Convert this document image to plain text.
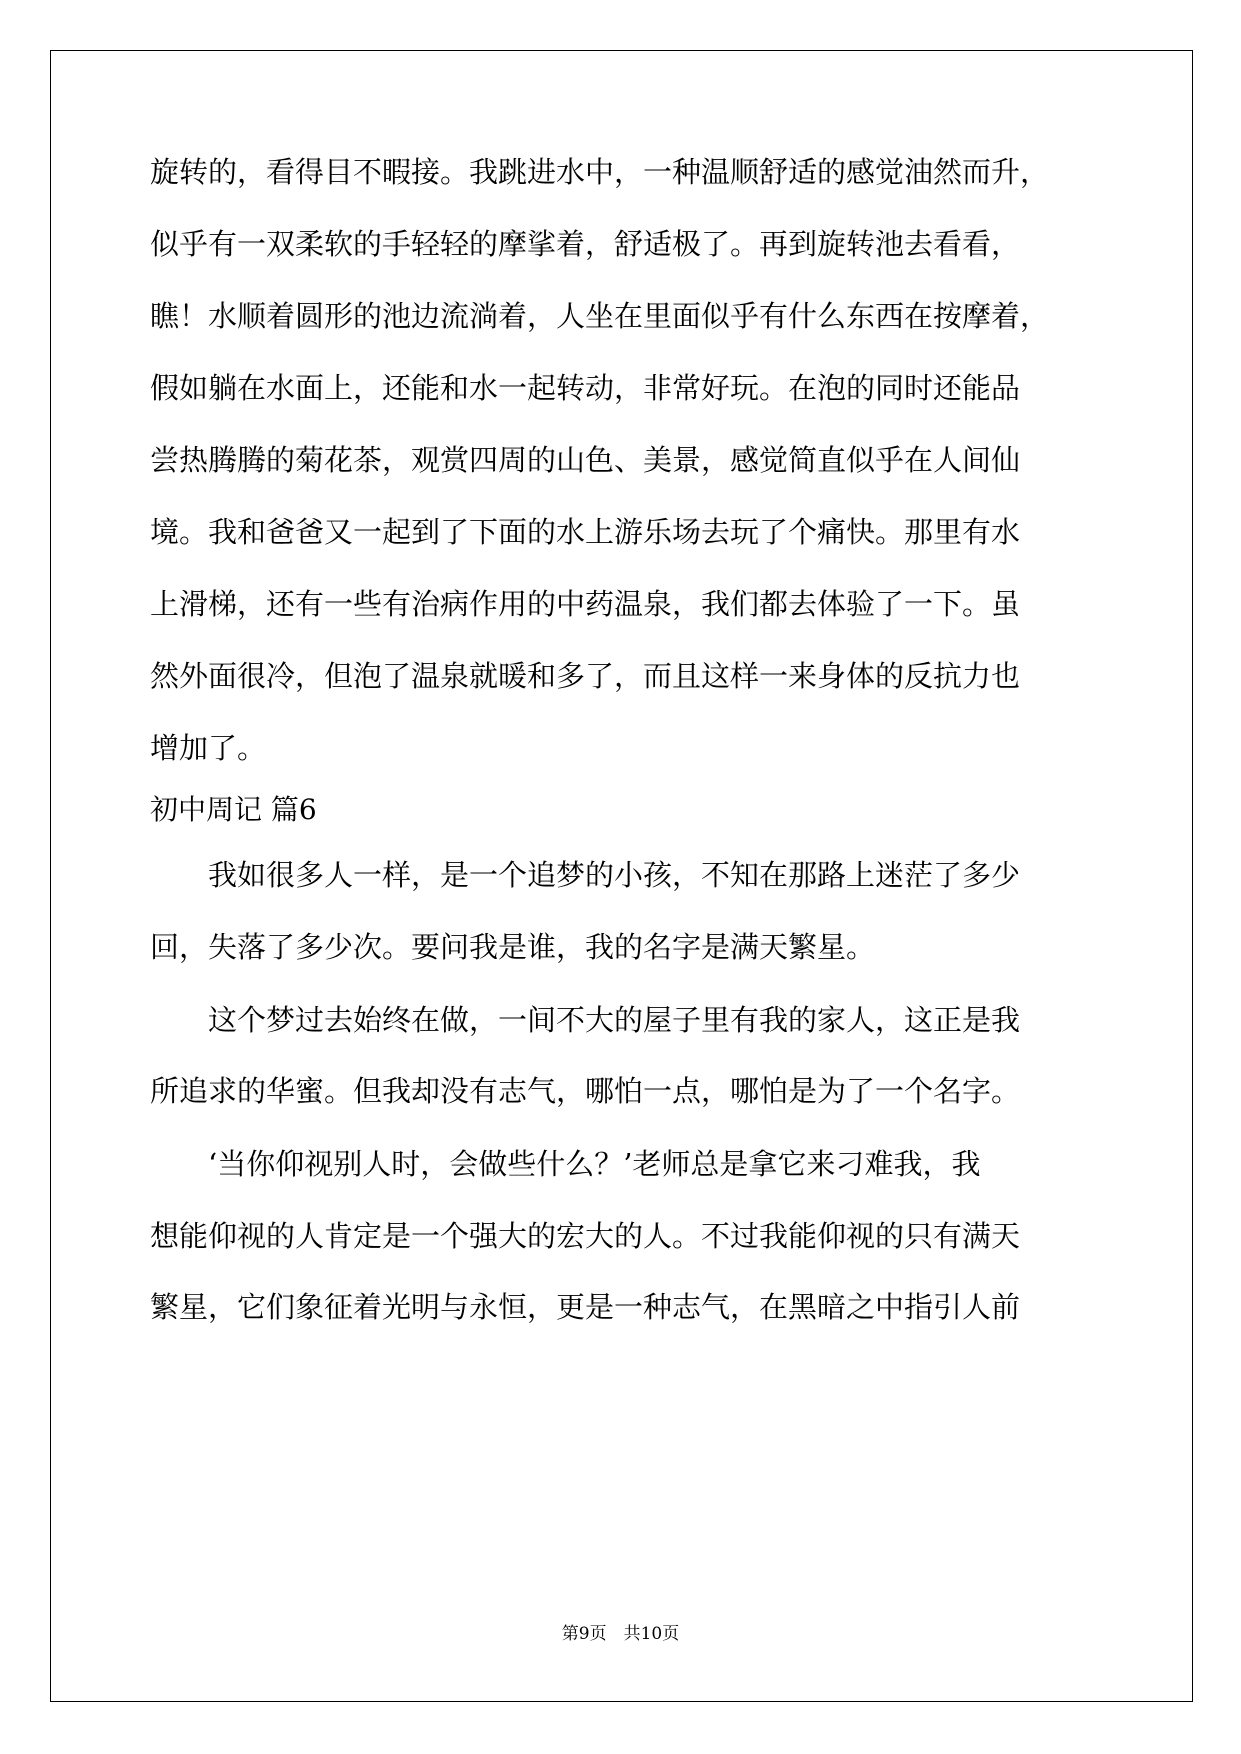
旋转的，看得目不暇接。我跳进水中，一种温顺舒适的感觉油然而升，

似乎有一双柔软的手轻轻的摩挲着，舒适极了。再到旋转池去看看，

瞧！水顺着圆形的池边流淌着，人坐在里面似乎有什么东西在按摩着，

假如躺在水面上，还能和水一起转动，非常好玩。在泡的同时还能品

尝热腾腾的菊花茶，观赏四周的山色、美景，感觉简直似乎在人间仙

境。我和爸爸又一起到了下面的水上游乐场去玩了个痛快。那里有水

上滑梯，还有一些有治病作用的中药温泉，我们都去体验了一下。虽

然外面很冷，但泡了温泉就暖和多了，而且这样一来身体的反抗力也

增加了。

初中周记 篇6

　　我如很多人一样，是一个追梦的小孩，不知在那路上迷茫了多少

回，失落了多少次。要问我是谁，我的名字是满天繁星。

　　这个梦过去始终在做，一间不大的屋子里有我的家人，这正是我

所追求的华蜜。但我却没有志气，哪怕一点，哪怕是为了一个名字。

　　‘当你仰视别人时，会做些什么？’老师总是拿它来刁难我，我

想能仰视的人肯定是一个强大的宏大的人。不过我能仰视的只有满天

繁星，它们象征着光明与永恒，更是一种志气，在黑暗之中指引人前

第9页　共10页
